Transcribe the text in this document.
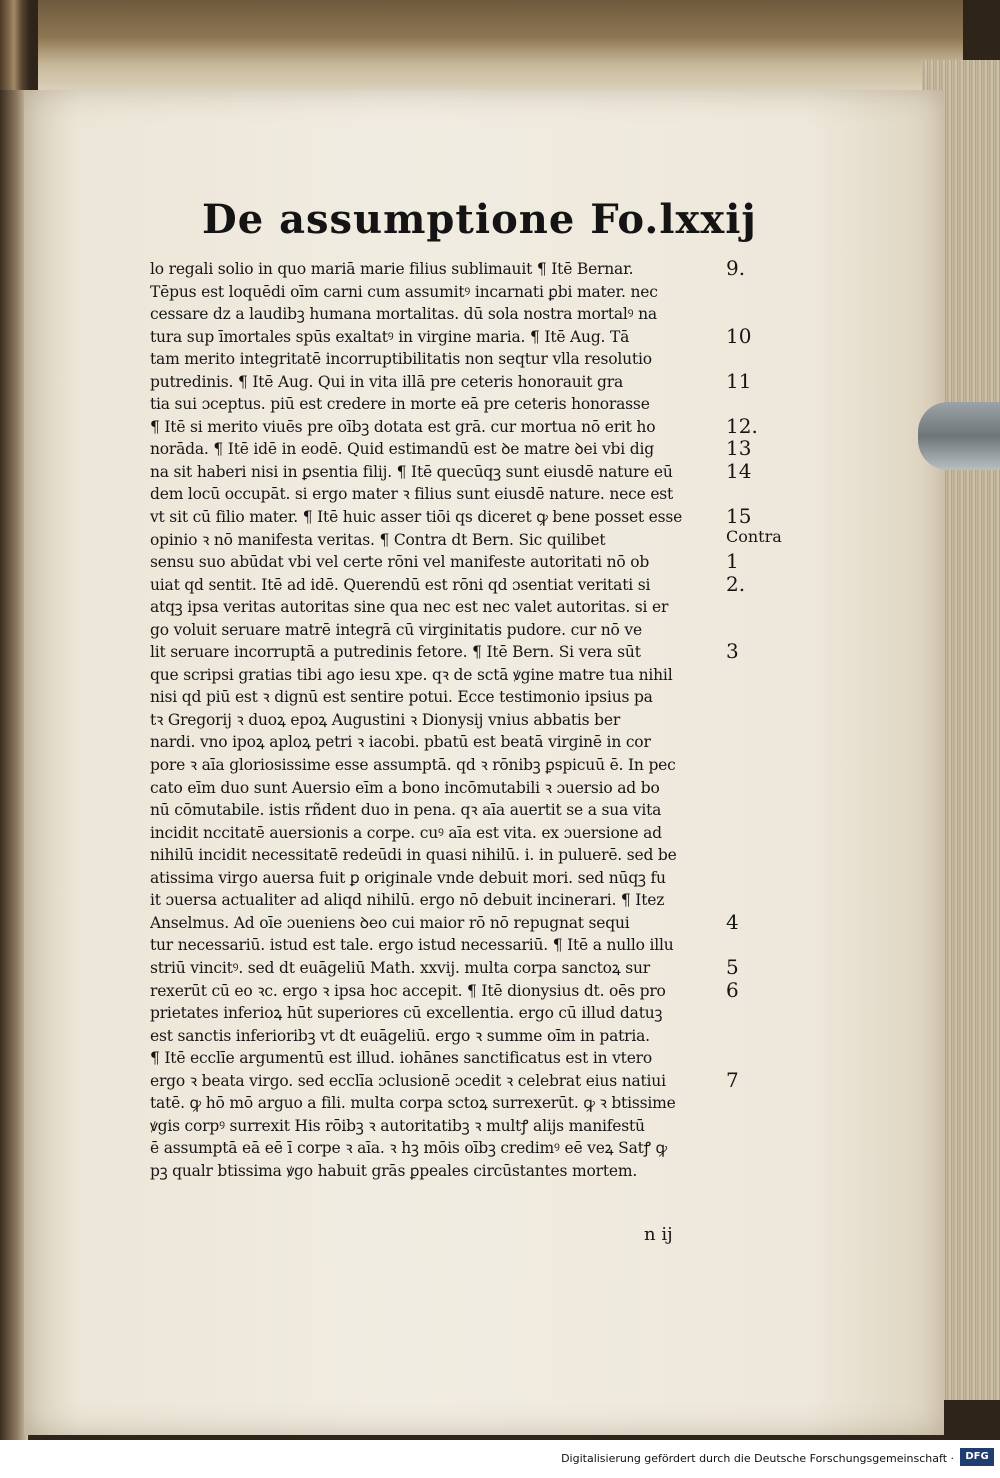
De assumptione Fo.lxxij
lo regali solio in quo mariā marie filius sublimauit ¶ Itē Bernar.
Tēpus est loquēdi oīm carni cum assumitꝰ incarnati ꝑbi mater. nec
cessare dz a laudibꝫ humana mortalitas. dū sola nostra mortalꝰ na
tura sup īmortales spūs exaltatꝰ in virgine maria. ¶ Itē Aug. Tā
tam merito integritatē incorruptibilitatis non seqtur vlla resolutio
putredinis. ¶ Itē Aug. Qui in vita illā pre ceteris honorauit gra
tia sui ɔceptus. piū est credere in morte eā pre ceteris honorasse
¶ Itē si merito viuēs pre oībꝫ dotata est grā. cur mortua nō erit ho
norāda. ¶ Itē idē in eodē. Quid estimandū est ꝺe matre ꝺei vbi dig
na sit haberi nisi in ꝑsentia filij. ¶ Itē quecūqꝫ sunt eiusdē nature eū
dem locū occupāt. si ergo mater ꝛ filius sunt eiusdē nature. nece est
vt sit cū filio mater. ¶ Itē huic asser tiōi qs diceret ꝙ bene posset esse
opinio ꝛ nō manifesta veritas. ¶ Contra dt Bern. Sic quilibet
sensu suo abūdat vbi vel certe rōni vel manifeste autoritati nō ob
uiat qd sentit. Itē ad idē. Querendū est rōni qd ɔsentiat veritati si
atqꝫ ipsa veritas autoritas sine qua nec est nec valet autoritas. si er
go voluit seruare matrē integrā cū virginitatis pudore. cur nō ve
lit seruare incorruptā a putredinis fetore. ¶ Itē Bern. Si vera sūt
que scripsi gratias tibi ago iesu xpe. qꝛ de sctā ꝟgine matre tua nihil
nisi qd piū est ꝛ dignū est sentire potui. Ecce testimonio ipsius pa
tꝛ Gregorij ꝛ duoꝝ epoꝝ Augustini ꝛ Dionysij vnius abbatis ber
nardi. vno ipoꝝ aploꝝ petri ꝛ iacobi. pbatū est beatā virginē in cor
pore ꝛ aīa gloriosissime esse assumptā. qd ꝛ rōnibꝫ ꝑspicuū ē. In pec
cato eīm duo sunt Auersio eīm a bono incōmutabili ꝛ ɔuersio ad bo
nū cōmutabile. istis rñdent duo in pena. qꝛ aīa auertit se a sua vita
incidit nccitatē auersionis a corpe. cuꝰ aīa est vita. ex ɔuersione ad
nihilū incidit necessitatē redeūdi in quasi nihilū. i. in puluerē. sed be
atissima virgo auersa fuit ꝑ originale vnde debuit mori. sed nūqꝫ fu
it ɔuersa actualiter ad aliqd nihilū. ergo nō debuit incinerari. ¶ Itez
Anselmus. Ad oīe ɔueniens ꝺeo cui maior rō nō repugnat sequi
tur necessariū. istud est tale. ergo istud necessariū. ¶ Itē a nullo illu
striū vincitꝰ. sed dt euāgeliū Math. xxvij. multa corpa sanctoꝝ sur
rexerūt cū eo ꝛc. ergo ꝛ ipsa hoc accepit. ¶ Itē dionysius dt. oēs pro
prietates inferioꝝ hūt superiores cū excellentia. ergo cū illud datuꝫ
est sanctis inferioribꝫ vt dt euāgeliū. ergo ꝛ summe oīm in patria.
¶ Itē ecclīe argumentū est illud. iohānes sanctificatus est in vtero
ergo ꝛ beata virgo. sed ecclīa ɔclusionē ɔcedit ꝛ celebrat eius natiui
tatē. ꝙ hō mō arguo a fili. multa corpa sctoꝝ surrexerūt. ꝙ ꝛ btissime
ꝟgis corpꝰ surrexit His rōibꝫ ꝛ autoritatibꝫ ꝛ multꝭ alijs manifestū
ē assumptā eā eē ī corpe ꝛ aīa. ꝛ hꝫ mōis oībꝫ credimꝰ eē veꝝ Satꝭ ꝙ
pꝫ qualr btissima ꝟgo habuit grās ꝑpeales circūstantes mortem.
9.
10
11
12.
13
14
15
Contra
1
2.
3
4
5
6
7
n ij
Digitalisierung gefördert durch die Deutsche Forschungsgemeinschaft ·	DFG
